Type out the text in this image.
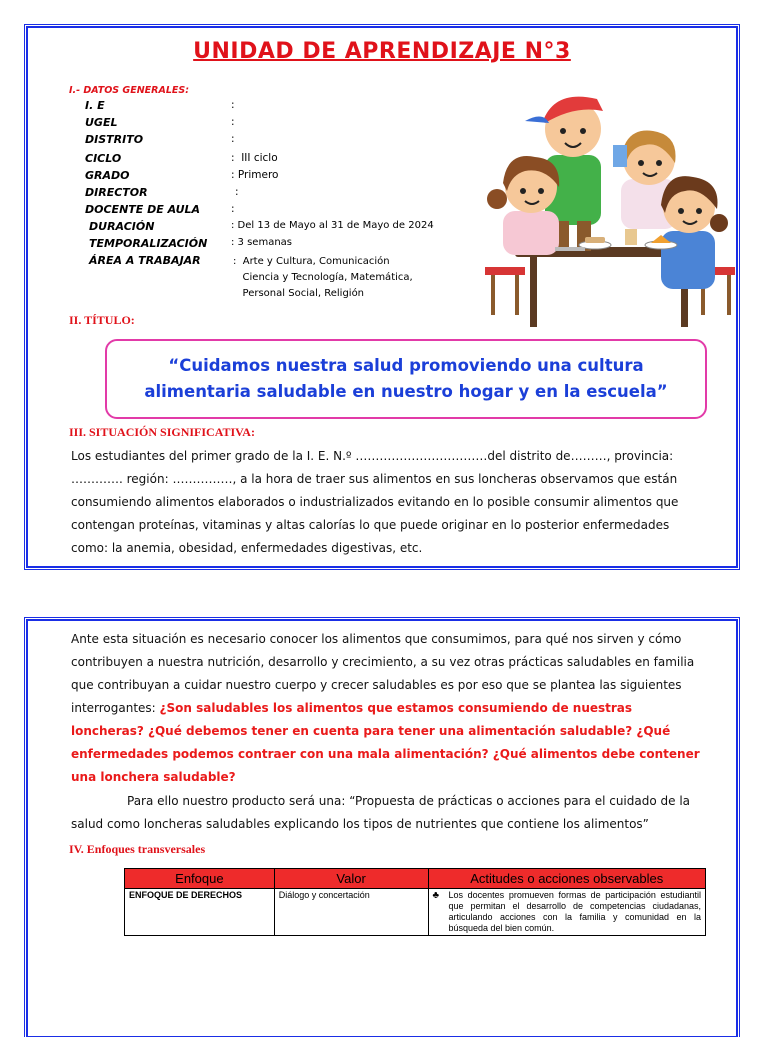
UNIDAD DE APRENDIZAJE N°3
I.- DATOS GENERALES:
I. E	:
UGEL	:
DISTRITO	:
CICLO	:  III ciclo
GRADO	: Primero
DIRECTOR	:
DOCENTE DE AULA	:
DURACIÓN	: Del 13 de Mayo al 31 de Mayo de 2024
TEMPORALIZACIÓN : 3 semanas
ÁREA A TRABAJAR	:  Arte y Cultura, Comunicación
Ciencia y Tecnología, Matemática,
Personal Social, Religión
II. TÍTULO:
“Cuidamos nuestra salud promoviendo una cultura alimentaria saludable en nuestro hogar y en la escuela”
III. SITUACIÓN SIGNIFICATIVA:
Los estudiantes del primer grado de la I. E. N.º ……………………………del distrito de………, provincia: …………. región: ……………, a la hora de traer sus alimentos en sus loncheras observamos que están consumiendo alimentos elaborados o industrializados evitando en lo posible consumir alimentos que contengan proteínas, vitaminas y altas calorías lo que puede originar en lo posterior enfermedades como: la anemia, obesidad, enfermedades digestivas, etc.
Ante esta situación es necesario conocer los alimentos que consumimos, para qué nos sirven y cómo contribuyen a nuestra nutrición, desarrollo y crecimiento, a su vez otras prácticas saludables en familia que contribuyan a cuidar nuestro cuerpo y crecer saludables es por eso que se plantea las siguientes interrogantes: ¿Son saludables los alimentos que estamos consumiendo de nuestras loncheras? ¿Qué debemos tener en cuenta para tener una alimentación saludable? ¿Qué enfermedades podemos contraer con una mala alimentación? ¿Qué alimentos debe contener una lonchera saludable?
Para ello nuestro producto será una: “Propuesta de prácticas o acciones para el cuidado de la salud como loncheras saludables explicando los tipos de nutrientes que contiene los alimentos”
IV. Enfoques transversales
Enfoque	Valor	Actitudes o acciones observables
ENFOQUE DE DERECHOS	Diálogo y concertación	♣ Los docentes promueven formas de participación estudiantil que permitan el desarrollo de competencias ciudadanas, articulando acciones con la familia y comunidad en la búsqueda del bien común.
